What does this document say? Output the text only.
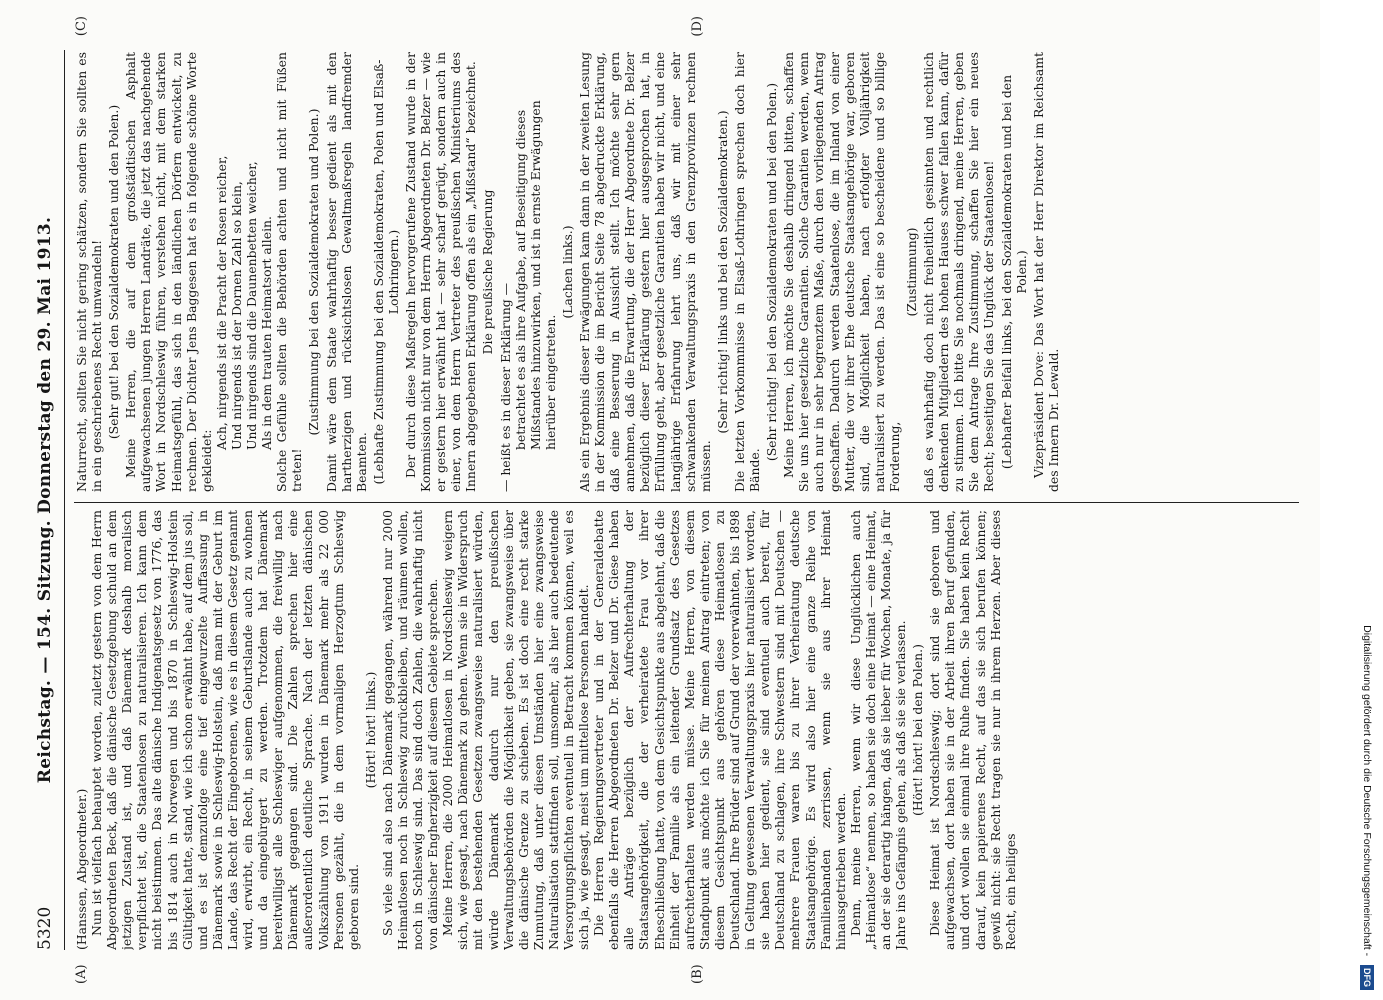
5320
Reichstag. — 154. Sitzung. Donnerstag den 29. Mai 1913.
(A)	(B)
(C)	(D)

(Hanssen, Abgeordneter.) Nun ist vielfach behauptet worden, zuletzt gestern von dem Herrn Abgeordneten Beck, daß die dänische Gesetzgebung schuld an dem jetzigen Zustand ist, und daß Dänemark deshalb moralisch verpflichtet ist, die Staatenlosen zu naturalisieren. Ich kann dem nicht beistimmen. Das alte dänische Indigenatsgesetz von 1776, das bis 1814 auch in Norwegen und bis 1870 in Schleswig-Holstein Gültigkeit hatte, stand, wie ich schon erwähnt habe, auf dem jus soli, und es ist demzufolge eine tief eingewurzelte Auffassung in Dänemark sowie in Schleswig-Holstein, daß man mit der Geburt im Lande, das Recht der Eingeborenen, wie es in diesem Gesetz genannt wird, erwirbt, ein Recht, in seinem Geburtslande auch zu wohnen und da eingebürgert zu werden. Trotzdem hat Dänemark bereitwilligst alle Schleswiger aufgenommen, die freiwillig nach Dänemark gegangen sind. Die Zahlen sprechen hier eine außerordentlich deutliche Sprache. Nach der letzten dänischen Volkszählung von 1911 wurden in Dänemark mehr als 22 000 Personen gezählt, die in dem vormaligen Herzogtum Schleswig geboren sind.

(Hört! hört! links.) So viele sind also nach Dänemark gegangen, während nur 2000 Heimatlosen noch in Schleswig zurückbleiben, und räumen wollen, noch in Schleswig sind. Das sind doch Zahlen, die wahrhaftig nicht von dänischer Engherzigkeit auf diesem Gebiete sprechen. Meine Herren, die 2000 Heimatlosen in Nordschleswig weigern sich, wie gesagt, nach Dänemark zu gehen. Wenn sie in Widerspruch mit den bestehenden Gesetzen zwangsweise naturalisiert würden, würde Dänemark dadurch nur den preußischen Verwaltungsbehörden die Möglichkeit geben, sie zwangsweise über die dänische Grenze zu schieben. Es ist doch eine recht starke Zumutung, daß unter diesen Umständen hier eine zwangsweise Naturalisation stattfinden soll, umsomehr, als hier auch bedeutende Versorgungspflichten eventuell in Betracht kommen können, weil es sich ja, wie gesagt, meist um mittellose Personen handelt. Die Herren Regierungsvertreter und in der Generaldebatte ebenfalls die Herren Abgeordneten Dr. Belzer und Dr. Giese haben alle Anträge bezüglich der Aufrechterhaltung der Staatsangehörigkeit, die der verheiratete Frau vor ihrer Eheschließung hatte, von dem Gesichtspunkte aus abgelehnt, daß die Einheit der Familie als ein leitender Grundsatz des Gesetzes aufrechterhalten werden müsse. Meine Herren, von diesem Standpunkt aus möchte ich Sie für meinen Antrag eintreten; von diesem Gesichtspunkt aus gehören diese Heimatlosen zu Deutschland. Ihre Brüder sind auf Grund der vorerwähnten, bis 1898 in Geltung gewesenen Verwaltungspraxis hier naturalisiert worden, sie haben hier gedient, sie sind eventuell auch bereit, für Deutschland zu schlagen, ihre Schwestern sind mit Deutschen — mehrere Frauen waren bis zu ihrer Verheiratung deutsche Staatsangehörige. Es wird also hier eine ganze Reihe von Familienbanden zerrissen, wenn sie aus ihrer Heimat hinausgetrieben werden. Denn, meine Herren, wenn wir diese Unglücklichen auch „Heimatlose“ nennen, so haben sie doch eine Heimat — eine Heimat, an der sie derartig hängen, daß sie lieber für Wochen, Monate, ja für Jahre ins Gefängnis gehen, als daß sie sie verlassen. (Hört! hört! bei den Polen.) Diese Heimat ist Nordschleswig; dort sind sie geboren und aufgewachsen, dort haben sie in der Arbeit ihren Beruf gefunden, und dort wollen sie einmal ihre Ruhe finden. Sie haben kein Recht darauf, kein papierenes Recht, auf das sie sich berufen können; gewiß nicht: sie Recht tragen sie nur in ihrem Herzen. Aber dieses Recht, ein heiliges

Naturrecht, sollten Sie nicht gering schätzen, sondern Sie sollten es in ein geschriebenes Recht umwandeln! (Sehr gut! bei den Sozialdemokraten und den Polen.) Meine Herren, die auf dem großstädtischen Asphalt aufgewachsenen jungen Herren Landräte, die jetzt das nachgehende Wort in Nordschleswig führen, verstehen nicht, mit dem starken Heimatsgefühl, das sich in den ländlichen Dörfern entwickelt, zu rechnen. Der Dichter Jens Baggesen hat es in folgende schöne Worte gekleidet:

Ach, nirgends ist die Pracht der Rosen reicher, Und nirgends ist der Dornen Zahl so klein, Und nirgends sind die Daunenbetten weicher, Als in dem trauten Heimatsort allein. Solche Gefühle sollten die Behörden achten und nicht mit Füßen treten!

(Zustimmung bei den Sozialdemokraten und Polen.) Damit wäre dem Staate wahrhaftig besser gedient als mit den hartherzigen und rücksichtslosen Gewaltmaßregeln landfremder Beamten. (Lebhafte Zustimmung bei den Sozialdemokraten, Polen und Elsaß-Lothringern.) Der durch diese Maßregeln hervorgerufene Zustand wurde in der Kommission nicht nur von dem Herrn Abgeordneten Dr. Belzer — wie er gestern hier erwähnt hat — sehr scharf gerügt, sondern auch in einer, von dem Herrn Vertreter des preußischen Ministeriums des Innern abgegebenen Erklärung offen als ein „Mißstand“ bezeichnet. Die preußische Regierung

— heißt es in dieser Erklärung — betrachtet es als ihre Aufgabe, auf Beseitigung dieses Mißstandes hinzuwirken, und ist in ernste Erwägungen hierüber eingetreten.

(Lachen links.) Als ein Ergebnis dieser Erwägungen kam dann in der zweiten Lesung in der Kommission die im Bericht Seite 78 abgedruckte Erklärung, daß eine Besserung in Aussicht stellt. Ich möchte sehr gern annehmen, daß die Erwartung, die der Herr Abgeordnete Dr. Belzer bezüglich dieser Erklärung gestern hier ausgesprochen hat, in Erfüllung geht, aber gesetzliche Garantien haben wir nicht, und eine langjährige Erfahrung lehrt uns, daß wir mit einer sehr schwankenden Verwaltungspraxis in den Grenzprovinzen rechnen müssen.

(Sehr richtig! links und bei den Sozialdemokraten.) Die letzten Vorkommnisse in Elsaß-Lothringen sprechen doch hier Bände.

(Sehr richtig! bei den Sozialdemokraten und bei den Polen.) Meine Herren, ich möchte Sie deshalb dringend bitten, schaffen Sie uns hier gesetzliche Garantien. Solche Garantien werden, wenn auch nur in sehr begrenztem Maße, durch den vorliegenden Antrag geschaffen. Dadurch werden Staatenlose, die im Inland von einer Mutter, die vor ihrer Ehe deutsche Staatsangehörige war, geboren sind, die Möglichkeit haben, nach erfolgter Volljährigkeit naturalisiert zu werden. Das ist eine so bescheidene und so billige Forderung,

(Zustimmung) daß es wahrhaftig doch nicht freiheitlich gesinnten und rechtlich denkenden Mitgliedern des hohen Hauses schwer fallen kann, dafür zu stimmen. Ich bitte Sie nochmals dringend, meine Herren, geben Sie dem Antrage Ihre Zustimmung, schaffen Sie hier ein neues Recht; beseitigen Sie das Unglück der Staatenlosen! (Lebhafter Beifall links, bei den Sozialdemokraten und bei den Polen.) Vizepräsident Dove: Das Wort hat der Herr Direktor im Reichsamt des Innern Dr. Lewald.

Digitalisierung gefördert durch die Deutsche Forschungsgemeinschaft - DFG
